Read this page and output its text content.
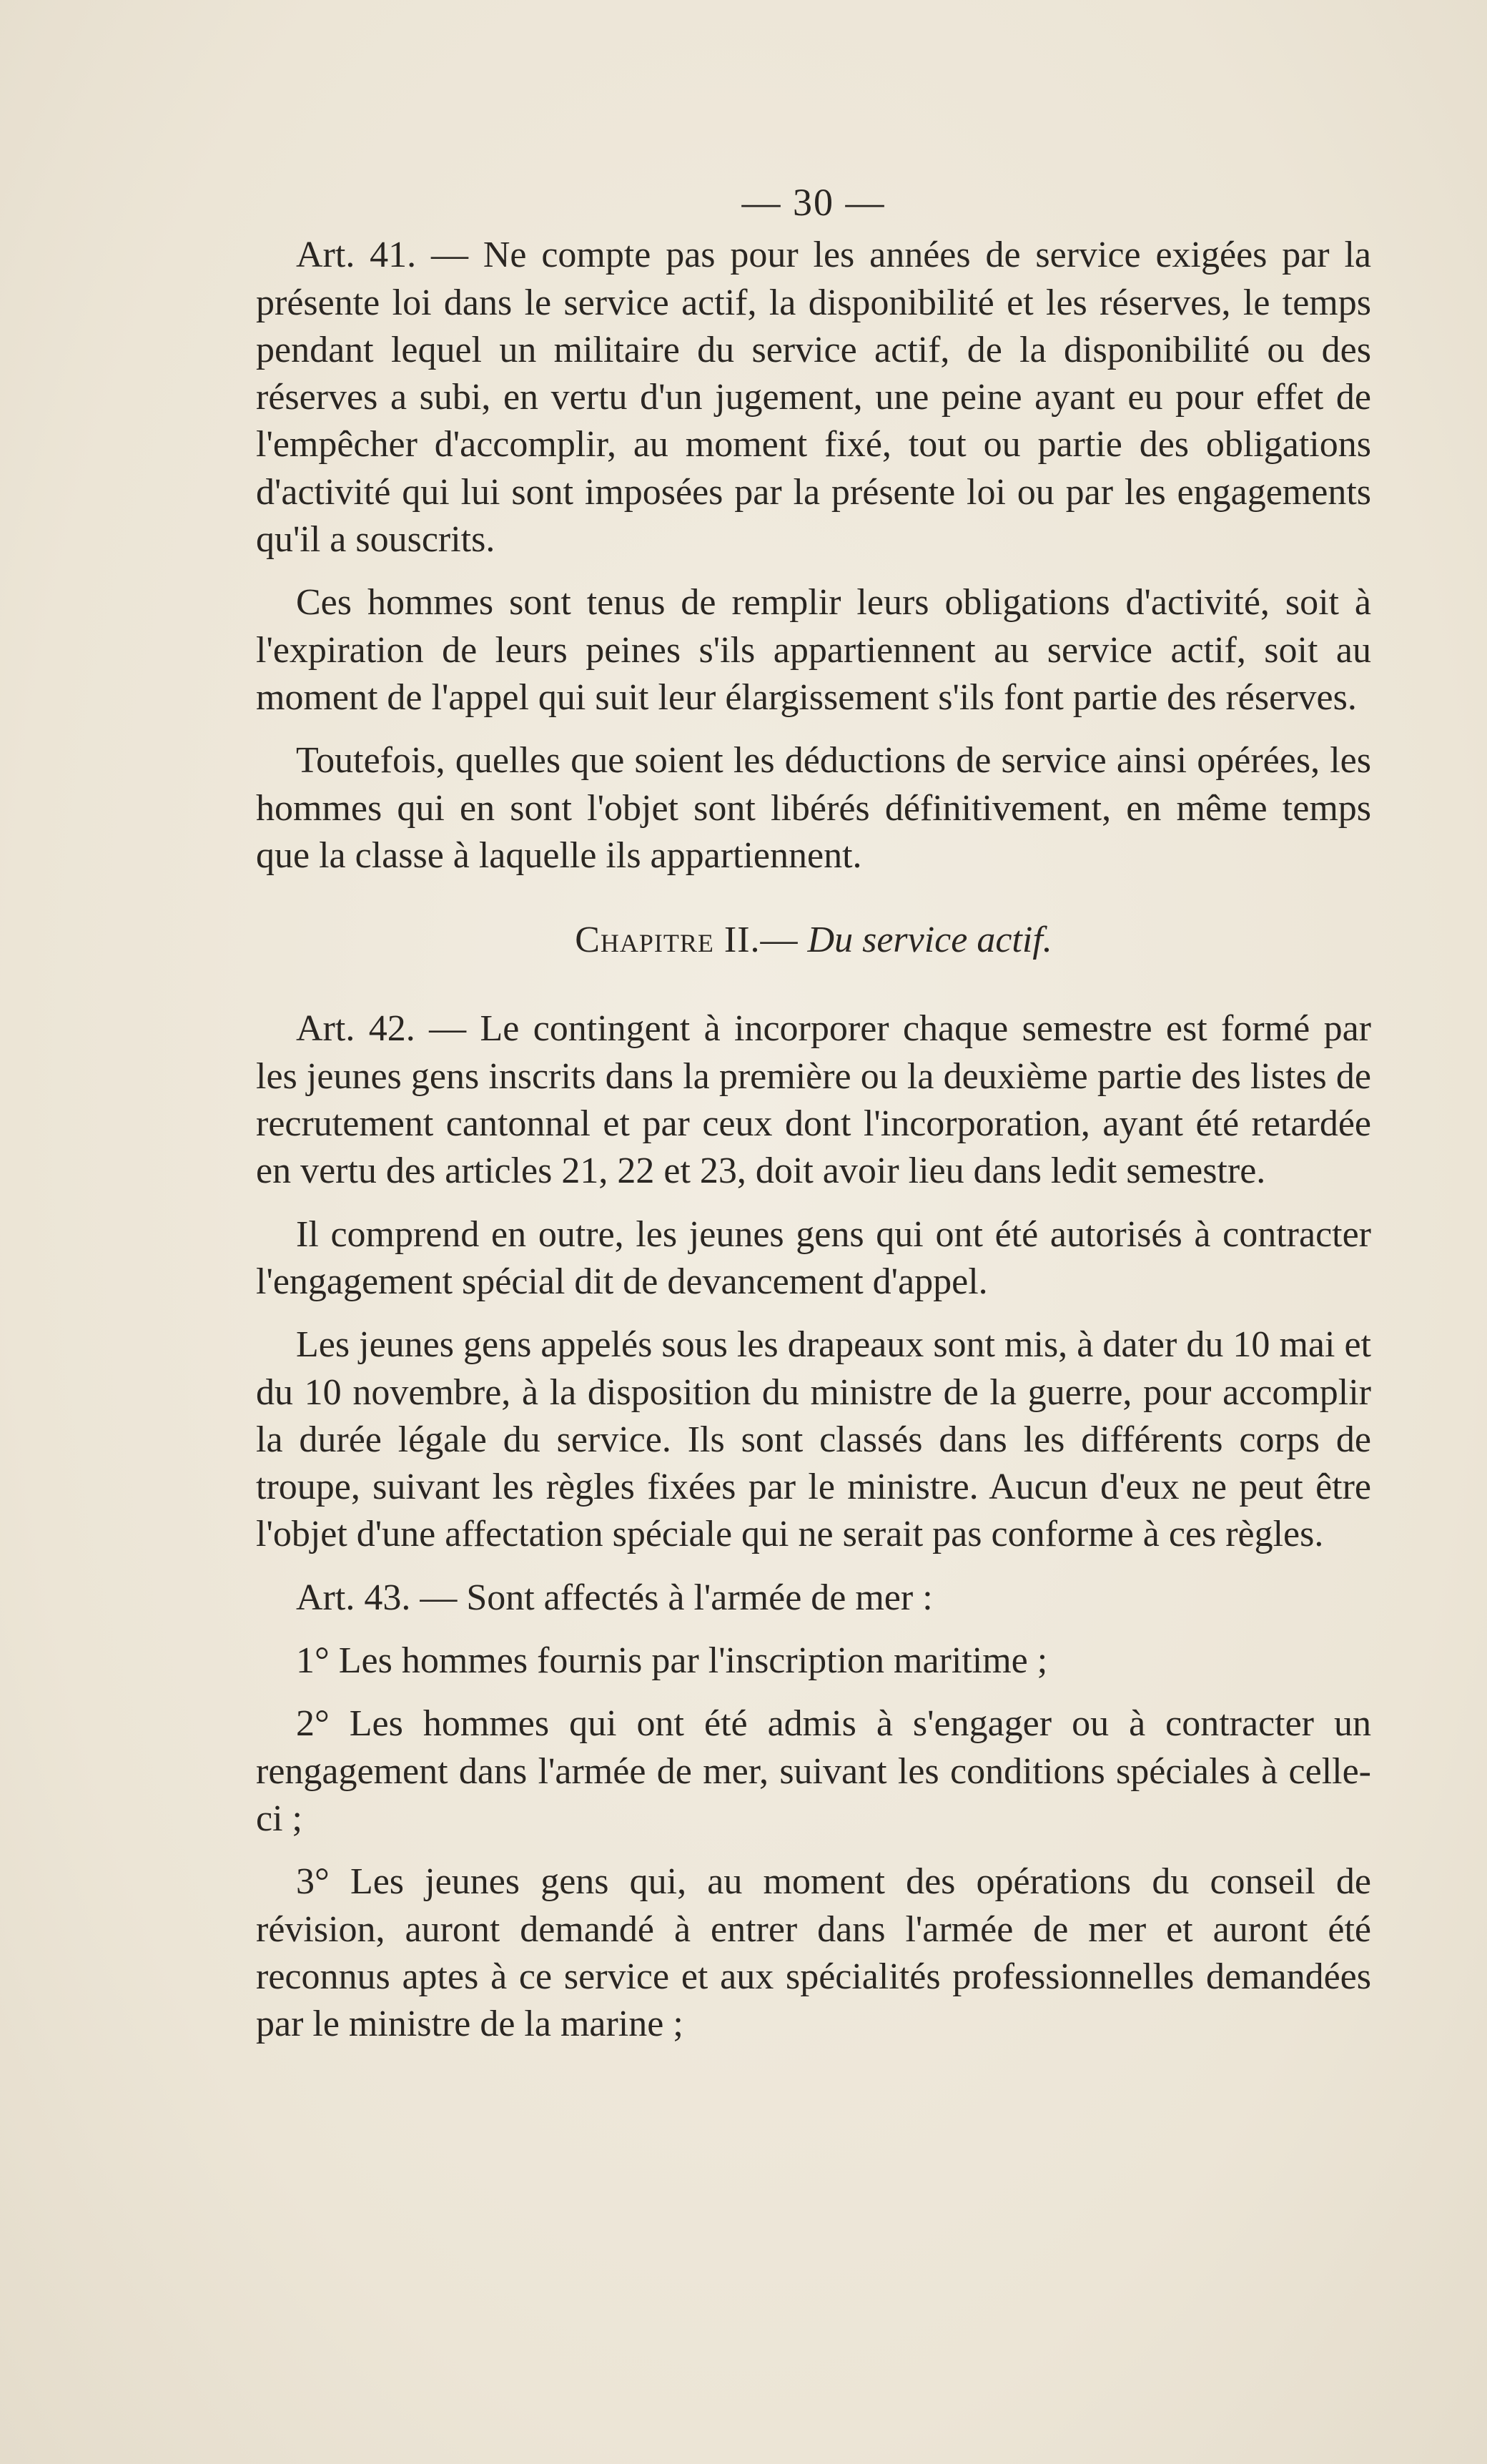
— 30 —

Art. 41. — Ne compte pas pour les années de service exigées par la présente loi dans le service actif, la disponibilité et les réserves, le temps pendant lequel un militaire du service actif, de la disponibilité ou des réserves a subi, en vertu d'un jugement, une peine ayant eu pour effet de l'empêcher d'accomplir, au moment fixé, tout ou partie des obligations d'activité qui lui sont imposées par la présente loi ou par les engagements qu'il a souscrits.

Ces hommes sont tenus de remplir leurs obligations d'activité, soit à l'expiration de leurs peines s'ils appartiennent au service actif, soit au moment de l'appel qui suit leur élargissement s'ils font partie des réserves.

Toutefois, quelles que soient les déductions de service ainsi opérées, les hommes qui en sont l'objet sont libérés définitivement, en même temps que la classe à laquelle ils appartiennent.

Chapitre II.— Du service actif.

Art. 42. — Le contingent à incorporer chaque semestre est formé par les jeunes gens inscrits dans la première ou la deuxième partie des listes de recrutement cantonnal et par ceux dont l'incorporation, ayant été retardée en vertu des articles 21, 22 et 23, doit avoir lieu dans ledit semestre.

Il comprend en outre, les jeunes gens qui ont été autorisés à contracter l'engagement spécial dit de devancement d'appel.

Les jeunes gens appelés sous les drapeaux sont mis, à dater du 10 mai et du 10 novembre, à la disposition du ministre de la guerre, pour accomplir la durée légale du service. Ils sont classés dans les différents corps de troupe, suivant les règles fixées par le ministre. Aucun d'eux ne peut être l'objet d'une affectation spéciale qui ne serait pas conforme à ces règles.

Art. 43. — Sont affectés à l'armée de mer :

1° Les hommes fournis par l'inscription maritime ;

2° Les hommes qui ont été admis à s'engager ou à contracter un rengagement dans l'armée de mer, suivant les conditions spéciales à celle-ci ;

3° Les jeunes gens qui, au moment des opérations du conseil de révision, auront demandé à entrer dans l'armée de mer et auront été reconnus aptes à ce service et aux spécialités professionnelles demandées par le ministre de la marine ;
